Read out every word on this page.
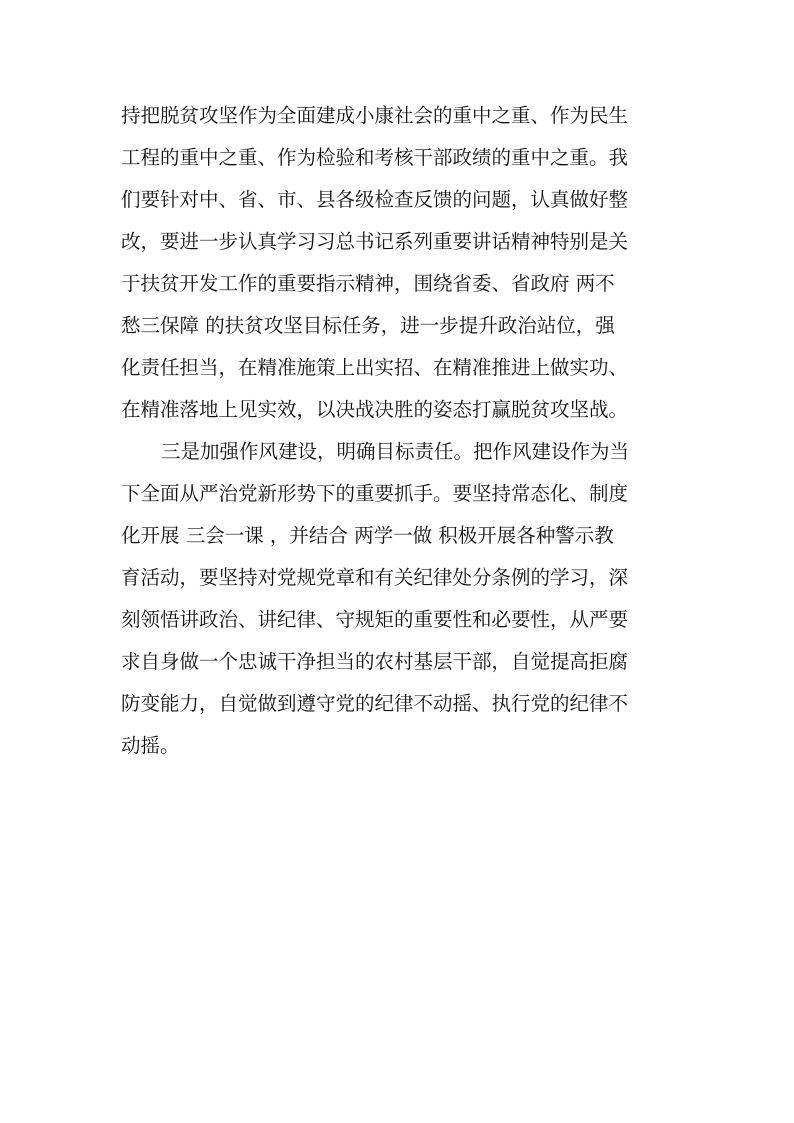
持把脱贫攻坚作为全面建成小康社会的重中之重、作为民生
工程的重中之重、作为检验和考核干部政绩的重中之重。我
们要针对中、省、市、县各级检查反馈的问题，认真做好整
改，要进一步认真学习习总书记系列重要讲话精神特别是关
于扶贫开发工作的重要指示精神，围绕省委、省政府 两不
愁三保障 的扶贫攻坚目标任务，进一步提升政治站位，强
化责任担当，在精准施策上出实招、在精准推进上做实功、
在精准落地上见实效，以决战决胜的姿态打赢脱贫攻坚战。
三是加强作风建设，明确目标责任。把作风建设作为当
下全面从严治党新形势下的重要抓手。要坚持常态化、制度
化开展 三会一课 ，并结合 两学一做 积极开展各种警示教
育活动，要坚持对党规党章和有关纪律处分条例的学习，深
刻领悟讲政治、讲纪律、守规矩的重要性和必要性，从严要
求自身做一个忠诚干净担当的农村基层干部，自觉提高拒腐
防变能力，自觉做到遵守党的纪律不动摇、执行党的纪律不
动摇。
